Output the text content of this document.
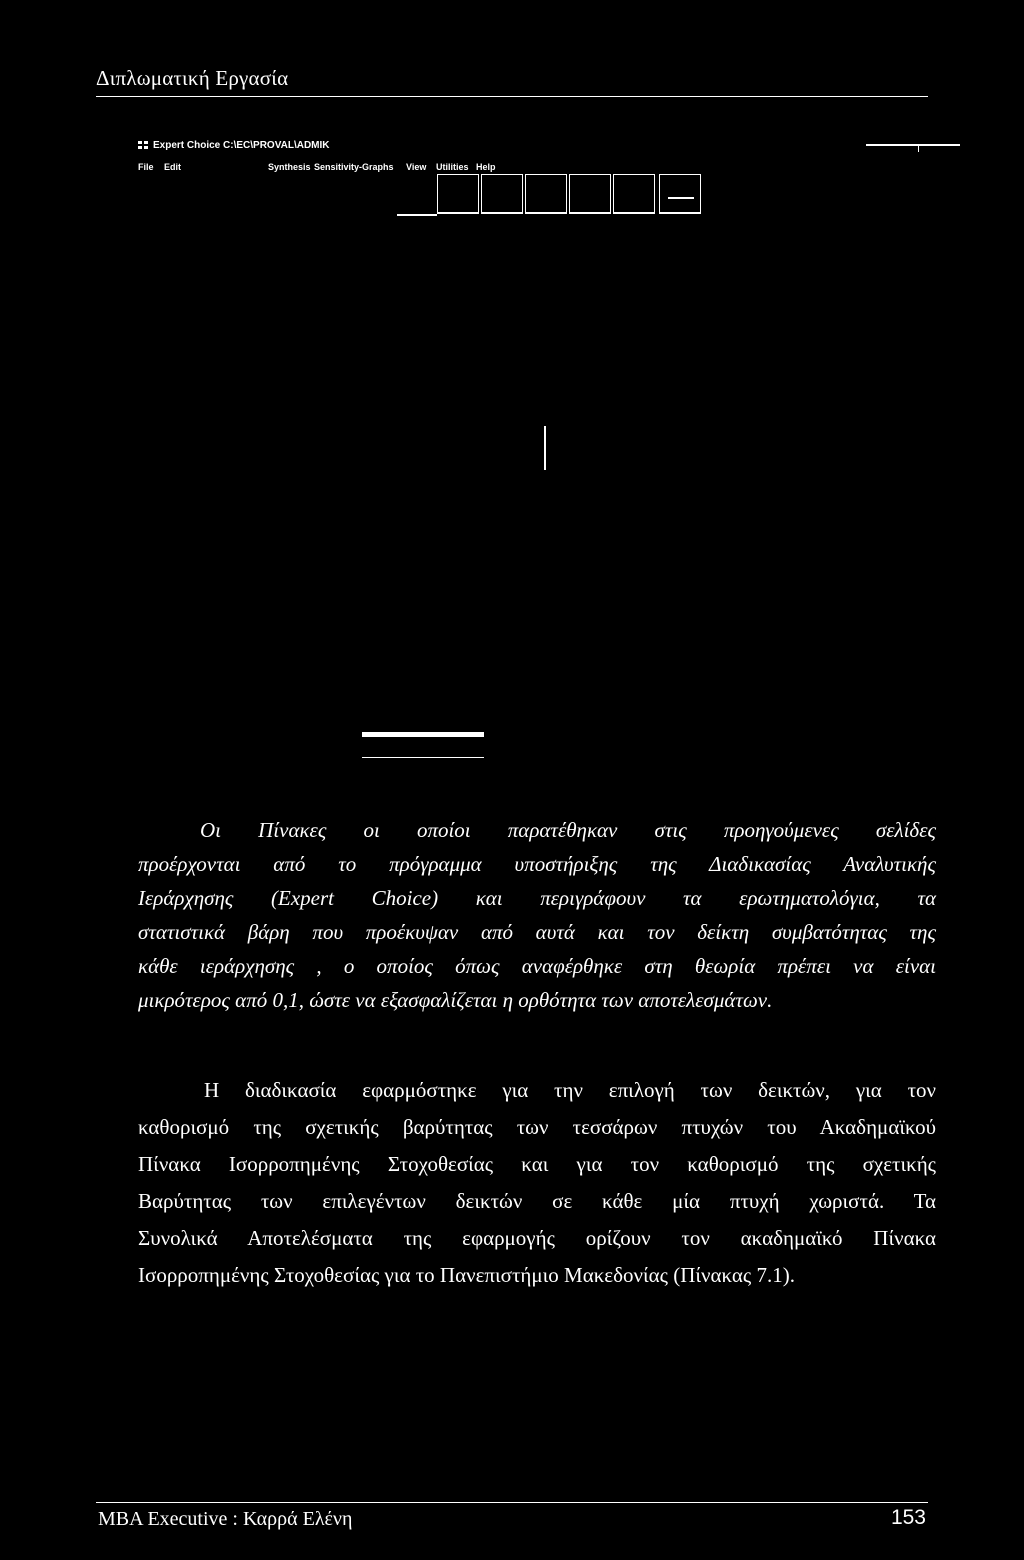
Διπλωματική Εργασία
Expert Choice C:\EC\PROVAL\ADMIK
File Edit	Synthesis Sensitivity-Graphs View Utilities Help
Οι Πίνακες οι οποίοι παρατέθηκαν στις προηγούμενες σελίδες
προέρχονται από το πρόγραμμα υποστήριξης της Διαδικασίας Αναλυτικής
Ιεράρχησης (Expert Choice) και περιγράφουν τα ερωτηματολόγια, τα
στατιστικά βάρη που προέκυψαν από αυτά και τον δείκτη συμβατότητας της
κάθε ιεράρχησης , ο οποίος όπως αναφέρθηκε στη θεωρία πρέπει να είναι
μικρότερος από 0,1, ώστε να εξασφαλίζεται η ορθότητα των αποτελεσμάτων.
Η διαδικασία εφαρμόστηκε για την επιλογή των δεικτών, για τον
καθορισμό της σχετικής βαρύτητας των τεσσάρων πτυχών του Ακαδημαϊκού
Πίνακα Ισορροπημένης Στοχοθεσίας και για τον καθορισμό της σχετικής
Βαρύτητας των επιλεγέντων δεικτών σε κάθε μία πτυχή χωριστά. Τα
Συνολικά Αποτελέσματα της εφαρμογής ορίζουν τον ακαδημαϊκό Πίνακα
Ισορροπημένης Στοχοθεσίας για το Πανεπιστήμιο Μακεδονίας (Πίνακας 7.1).
MBA Executive : Καρρά Ελένη	153
